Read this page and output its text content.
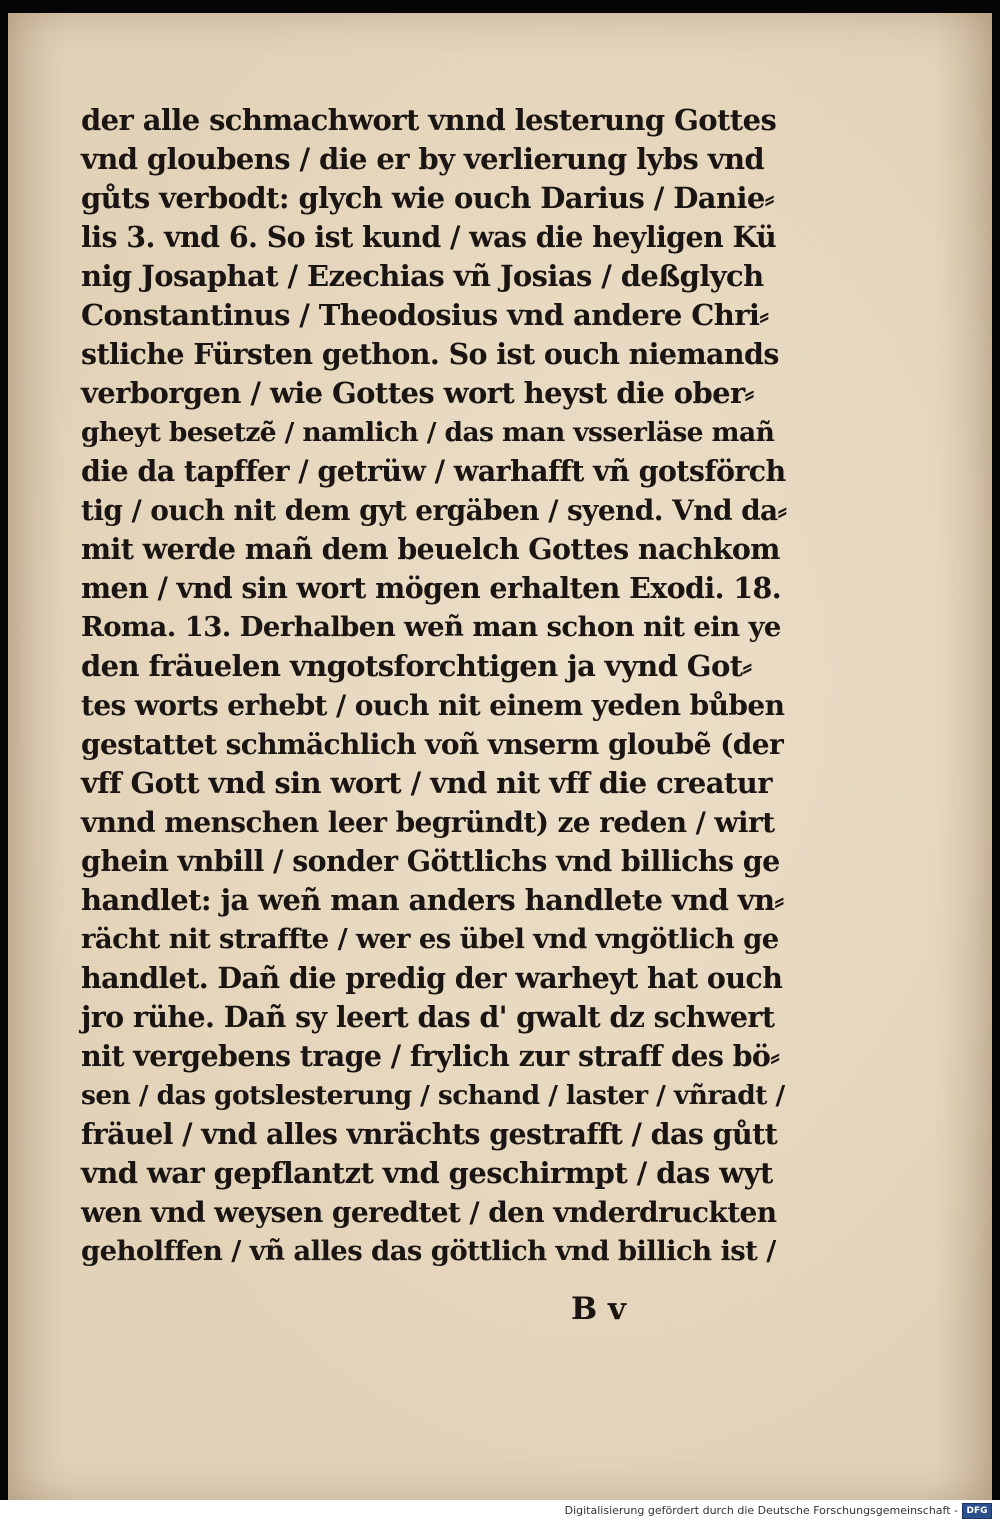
der alle schmachwort vnnd lesterung Gottes
vnd gloubens / die er by verlierung lybs vnd
gůts verbodt: glych wie ouch Darius / Danie⸗
lis 3. vnd 6. So ist kund / was die heyligen Kü
nig Josaphat / Ezechias vñ Josias / deßglych
Constantinus / Theodosius vnd andere Chri⸗
stliche Fürsten gethon. So ist ouch niemands
verborgen / wie Gottes wort heyst die ober⸗
gheyt besetzẽ / namlich / das man vsserläse mañ
die da tapffer / getrüw / warhafft vñ gotsförch
tig / ouch nit dem gyt ergäben / syend. Vnd da⸗
mit werde mañ dem beuelch Gottes nachkom
men / vnd sin wort mögen erhalten Exodi. 18.
Roma. 13. Derhalben weñ man schon nit ein ye
den fräuelen vngotsforchtigen ja vynd Got⸗
tes worts erhebt / ouch nit einem yeden bůben
gestattet schmächlich voñ vnserm gloubẽ (der
vff Gott vnd sin wort / vnd nit vff die creatur
vnnd menschen leer begründt) ze reden / wirt
ghein vnbill / sonder Göttlichs vnd billichs ge
handlet: ja weñ man anders handlete vnd vn⸗
rächt nit straffte / wer es übel vnd vngötlich ge
handlet. Dañ die predig der warheyt hat ouch
jro rühe. Dañ sy leert das d' gwalt dz schwert
nit vergebens trage / frylich zur straff des bö⸗
sen / das gotslesterung / schand / laster / vñradt /
fräuel / vnd alles vnrächts gestrafft / das gůtt
vnd war gepflantzt vnd geschirmpt / das wyt
wen vnd weysen geredtet / den vnderdruckten
geholffen / vñ alles das göttlich vnd billich ist /
B v
Digitalisierung gefördert durch die Deutsche Forschungsgemeinschaft - DFG
